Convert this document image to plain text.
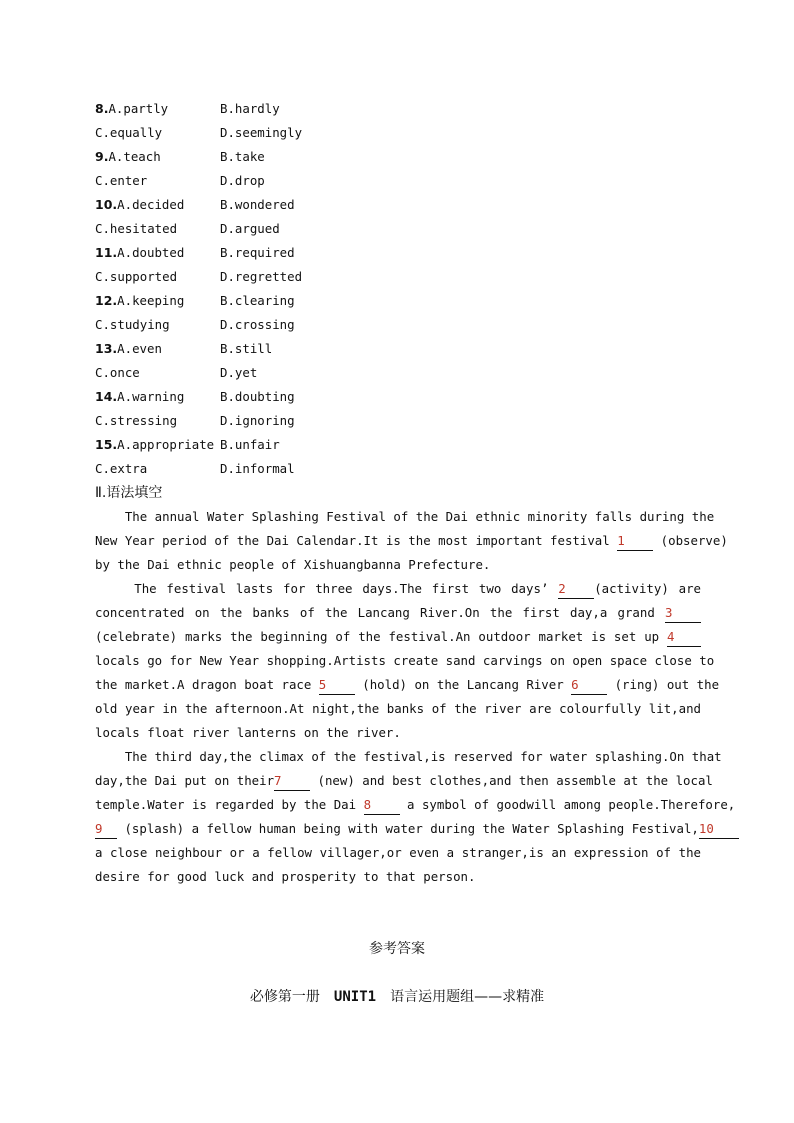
8.A.partly	B.hardly
C.equally	D.seemingly
9.A.teach	B.take
C.enter	D.drop
10.A.decided	B.wondered
C.hesitated	D.argued
11.A.doubted	B.required
C.supported	D.regretted
12.A.keeping	B.clearing
C.studying	D.crossing
13.A.even	B.still
C.once	D.yet
14.A.warning	B.doubting
C.stressing	D.ignoring
15.A.appropriate B.unfair
C.extra	D.informal
Ⅱ.语法填空
The annual Water Splashing Festival of the Dai ethnic minority falls during the
New Year period of the Dai Calendar.It is the most important festival 1 (observe)
by the Dai ethnic people of Xishuangbanna Prefecture.
The festival lasts for three days.The first two days’ 2 (activity) are
concentrated on the banks of the Lancang River.On the first day,a grand 3
(celebrate) marks the beginning of the festival.An outdoor market is set up 4
locals go for New Year shopping.Artists create sand carvings on open space close to
the market.A dragon boat race 5 (hold) on the Lancang River 6 (ring) out the
old year in the afternoon.At night,the banks of the river are colourfully lit,and
locals float river lanterns on the river.
The third day,the climax of the festival,is reserved for water splashing.On that
day,the Dai put on their7 (new) and best clothes,and then assemble at the local
temple.Water is regarded by the Dai 8 a symbol of goodwill among people.Therefore,
9 (splash) a fellow human being with water during the Water Splashing Festival,10
a close neighbour or a fellow villager,or even a stranger,is an expression of the
desire for good luck and prosperity to that person.
参考答案
必修第一册 UNIT1 语言运用题组——求精准
